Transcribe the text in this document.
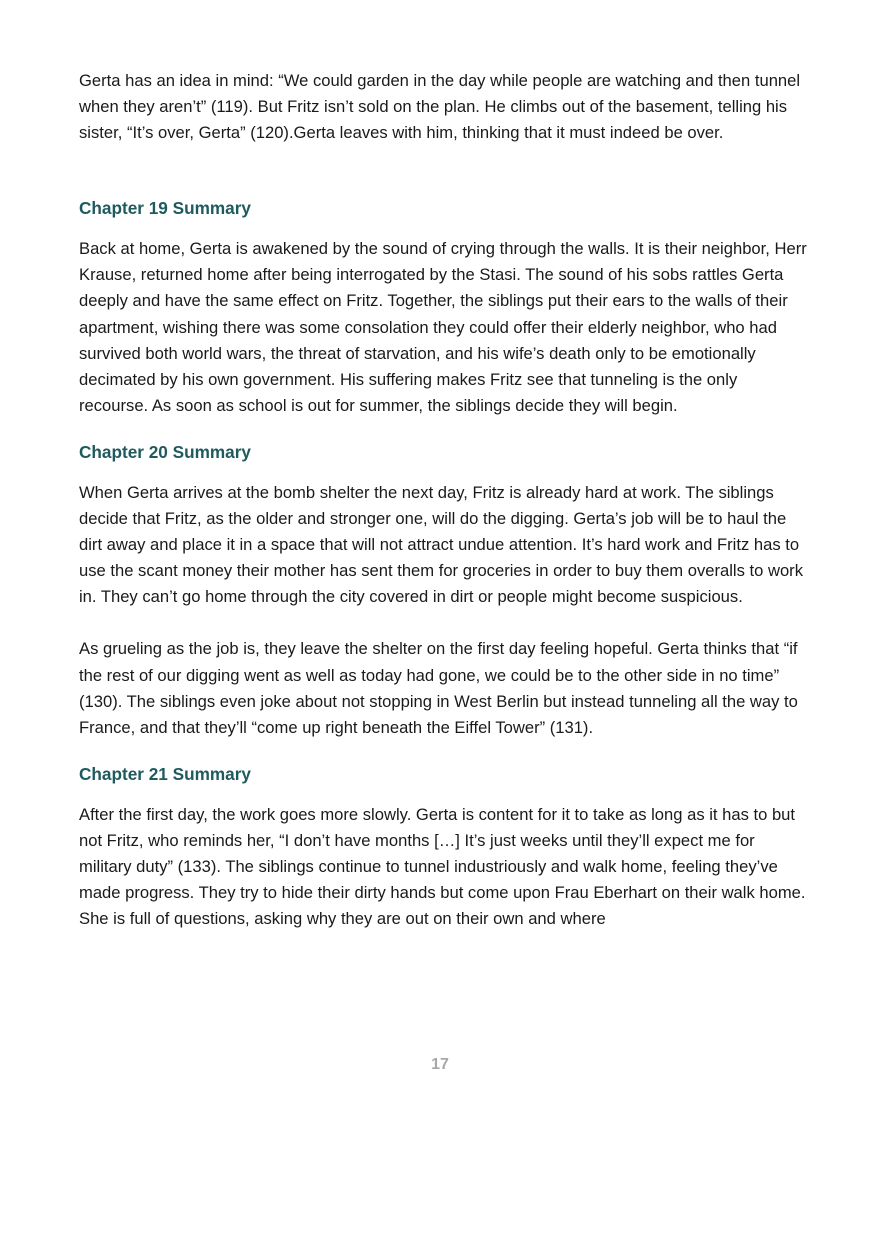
Gerta has an idea in mind: “We could garden in the day while people are watching and then tunnel when they aren’t” (119). But Fritz isn’t sold on the plan. He climbs out of the basement, telling his sister, “It’s over, Gerta” (120).Gerta leaves with him, thinking that it must indeed be over.

Chapter 19 Summary

Back at home, Gerta is awakened by the sound of crying through the walls. It is their neighbor, Herr Krause, returned home after being interrogated by the Stasi. The sound of his sobs rattles Gerta deeply and have the same effect on Fritz. Together, the siblings put their ears to the walls of their apartment, wishing there was some consolation they could offer their elderly neighbor, who had survived both world wars, the threat of starvation, and his wife’s death only to be emotionally decimated by his own government. His suffering makes Fritz see that tunneling is the only recourse. As soon as school is out for summer, the siblings decide they will begin.

Chapter 20 Summary

When Gerta arrives at the bomb shelter the next day, Fritz is already hard at work. The siblings decide that Fritz, as the older and stronger one, will do the digging. Gerta’s job will be to haul the dirt away and place it in a space that will not attract undue attention. It’s hard work and Fritz has to use the scant money their mother has sent them for groceries in order to buy them overalls to work in. They can’t go home through the city covered in dirt or people might become suspicious.

As grueling as the job is, they leave the shelter on the first day feeling hopeful. Gerta thinks that “if the rest of our digging went as well as today had gone, we could be to the other side in no time” (130). The siblings even joke about not stopping in West Berlin but instead tunneling all the way to France, and that they’ll “come up right beneath the Eiffel Tower” (131).

Chapter 21 Summary

After the first day, the work goes more slowly. Gerta is content for it to take as long as it has to but not Fritz, who reminds her, “I don’t have months […] It’s just weeks until they’ll expect me for military duty” (133). The siblings continue to tunnel industriously and walk home, feeling they’ve made progress. They try to hide their dirty hands but come upon Frau Eberhart on their walk home. She is full of questions, asking why they are out on their own and where

17
